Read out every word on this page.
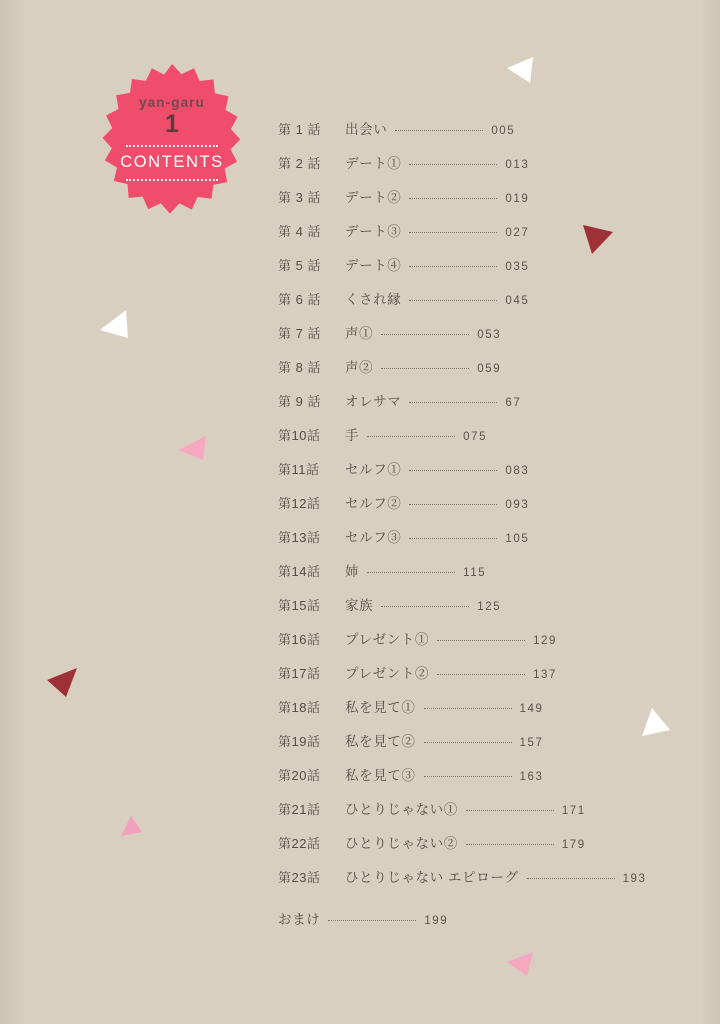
yan-garu
1
CONTENTS
第 1 話	出会い	005
第 2 話	デート①	013
第 3 話	デート②	019
第 4 話	デート③	027
第 5 話	デート④	035
第 6 話	くされ縁	045
第 7 話	声①	053
第 8 話	声②	059
第 9 話	オレサマ	67
第10話	手	075
第11話	セルフ①	083
第12話	セルフ②	093
第13話	セルフ③	105
第14話	姉	115
第15話	家族	125
第16話	プレゼント①	129
第17話	プレゼント②	137
第18話	私を見て①	149
第19話	私を見て②	157
第20話	私を見て③	163
第21話	ひとりじゃない①	171
第22話	ひとりじゃない②	179
第23話	ひとりじゃない エピローグ	193
おまけ	199
